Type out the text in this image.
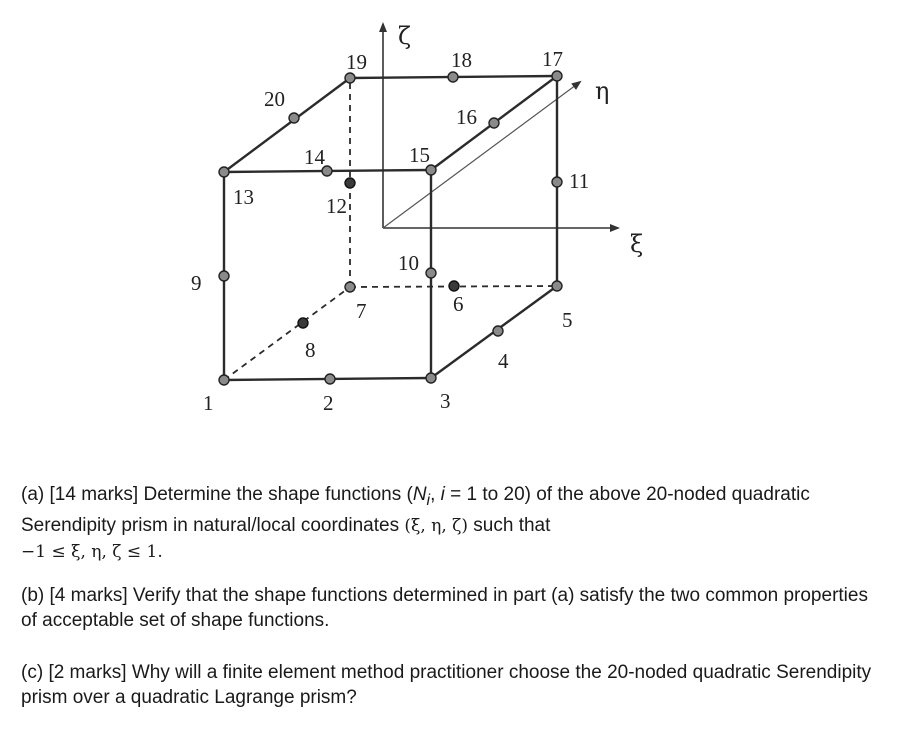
ζ
η
ξ
1	2	3
4
5
6
7
8
9
10
11
12
13
14	15
16
17
18
19
20

(a) [14 marks] Determine the shape functions ($N_i$, i = 1 to 20) of the above 20-noded quadratic Serendipity prism in natural/local coordinates (ξ, η, ζ) such that
−1 ≤ ξ, η, ζ ≤ 1.

(b) [4 marks] Verify that the shape functions determined in part (a) satisfy the two common properties of acceptable set of shape functions.

(c) [2 marks] Why will a finite element method practitioner choose the 20-noded quadratic Serendipity prism over a quadratic Lagrange prism?
